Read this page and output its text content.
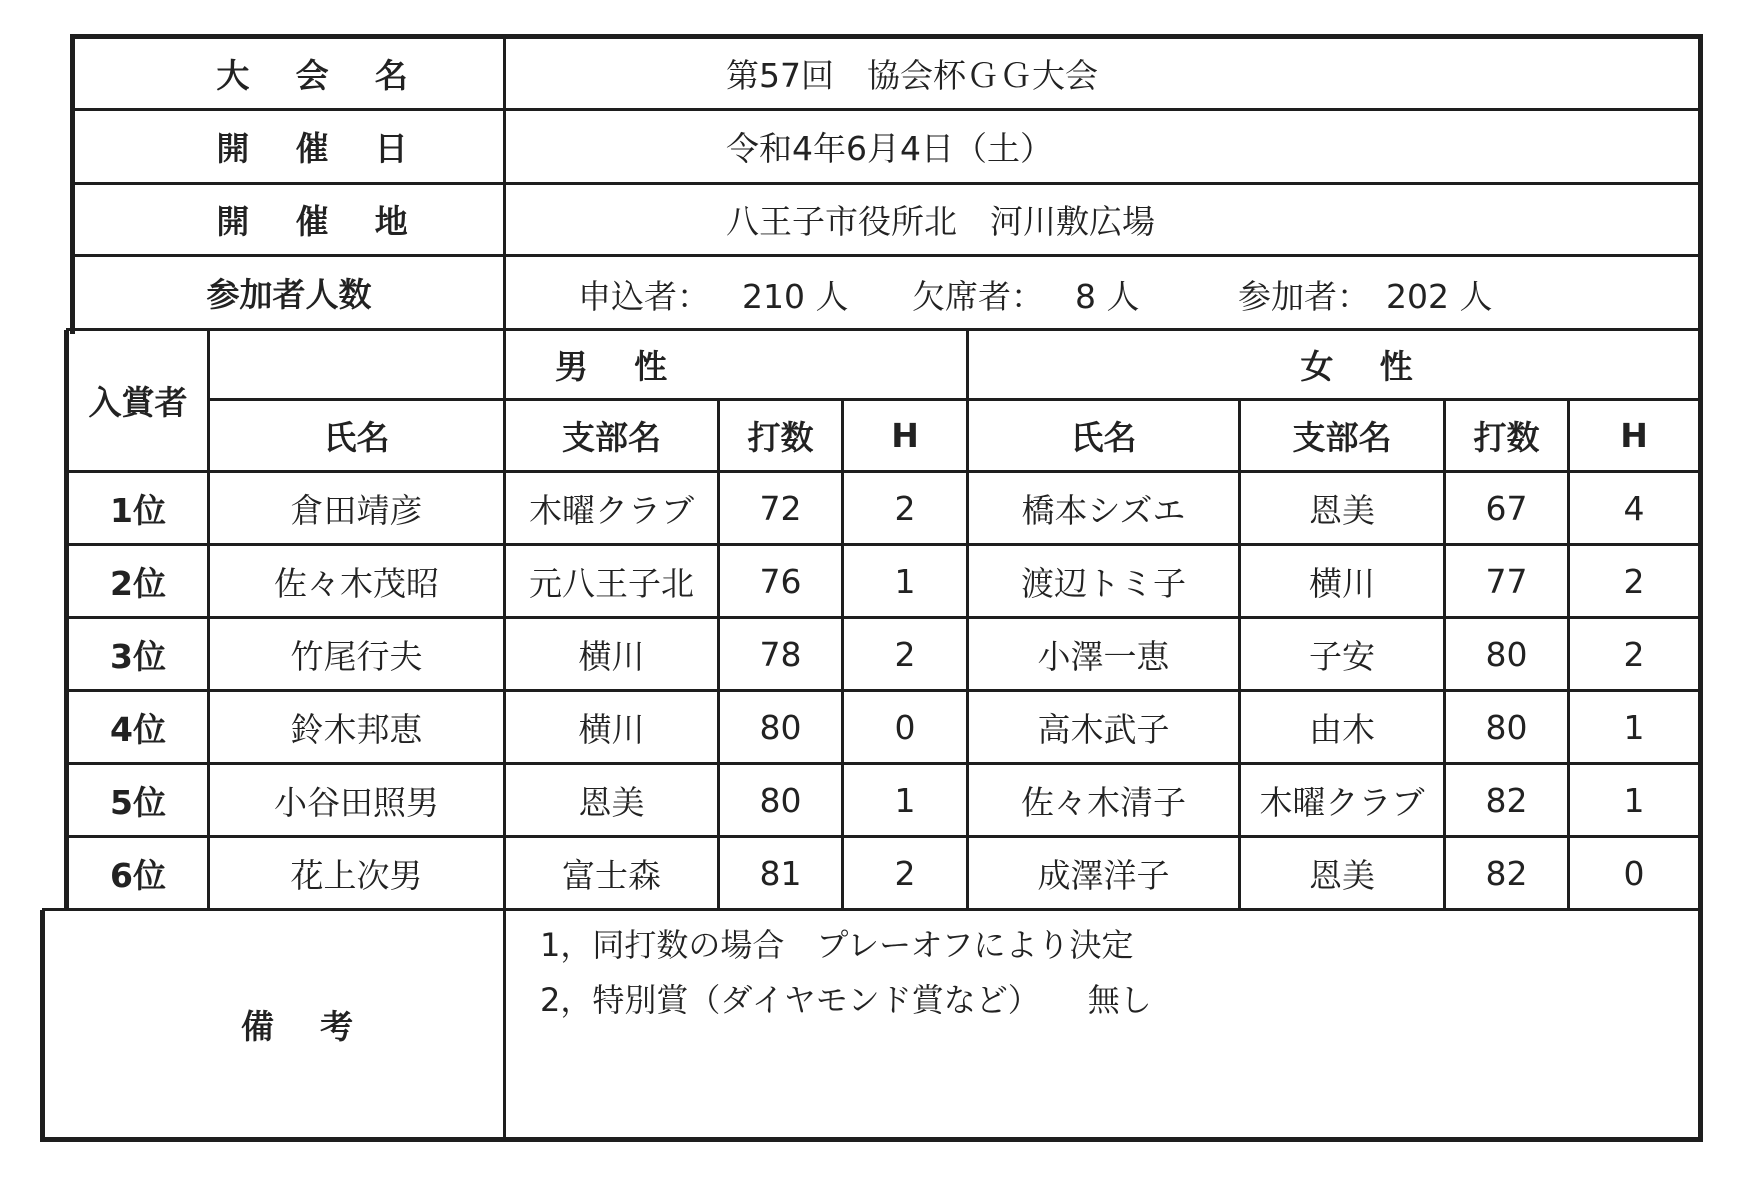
大会名	第57回　協会杯ＧＧ大会
開催日	令和4年6月4日（土）
開催地	八王子市役所北　河川敷広場
参加者人数	申込者： 210 人 欠席者： 8 人	参加者： 202 人
入賞者
男性	女性
氏名	支部名	打数	H	氏名	支部名	打数	H
1位	倉田靖彦	木曜クラブ	72	2	橋本シズエ	恩美	67	4
2位	佐々木茂昭	元八王子北	76	1	渡辺トミ子	横川	77	2
3位	竹尾行夫	横川	78	2	小澤一恵	子安	80	2
4位	鈴木邦恵	横川	80	0	高木武子	由木	80	1
5位	小谷田照男	恩美	80	1	佐々木清子	木曜クラブ	82	1
6位	花上次男	富士森	81	2	成澤洋子	恩美	82	0
備考
1，同打数の場合　プレーオフにより決定
2，特別賞（ダイヤモンド賞など）　　無し
